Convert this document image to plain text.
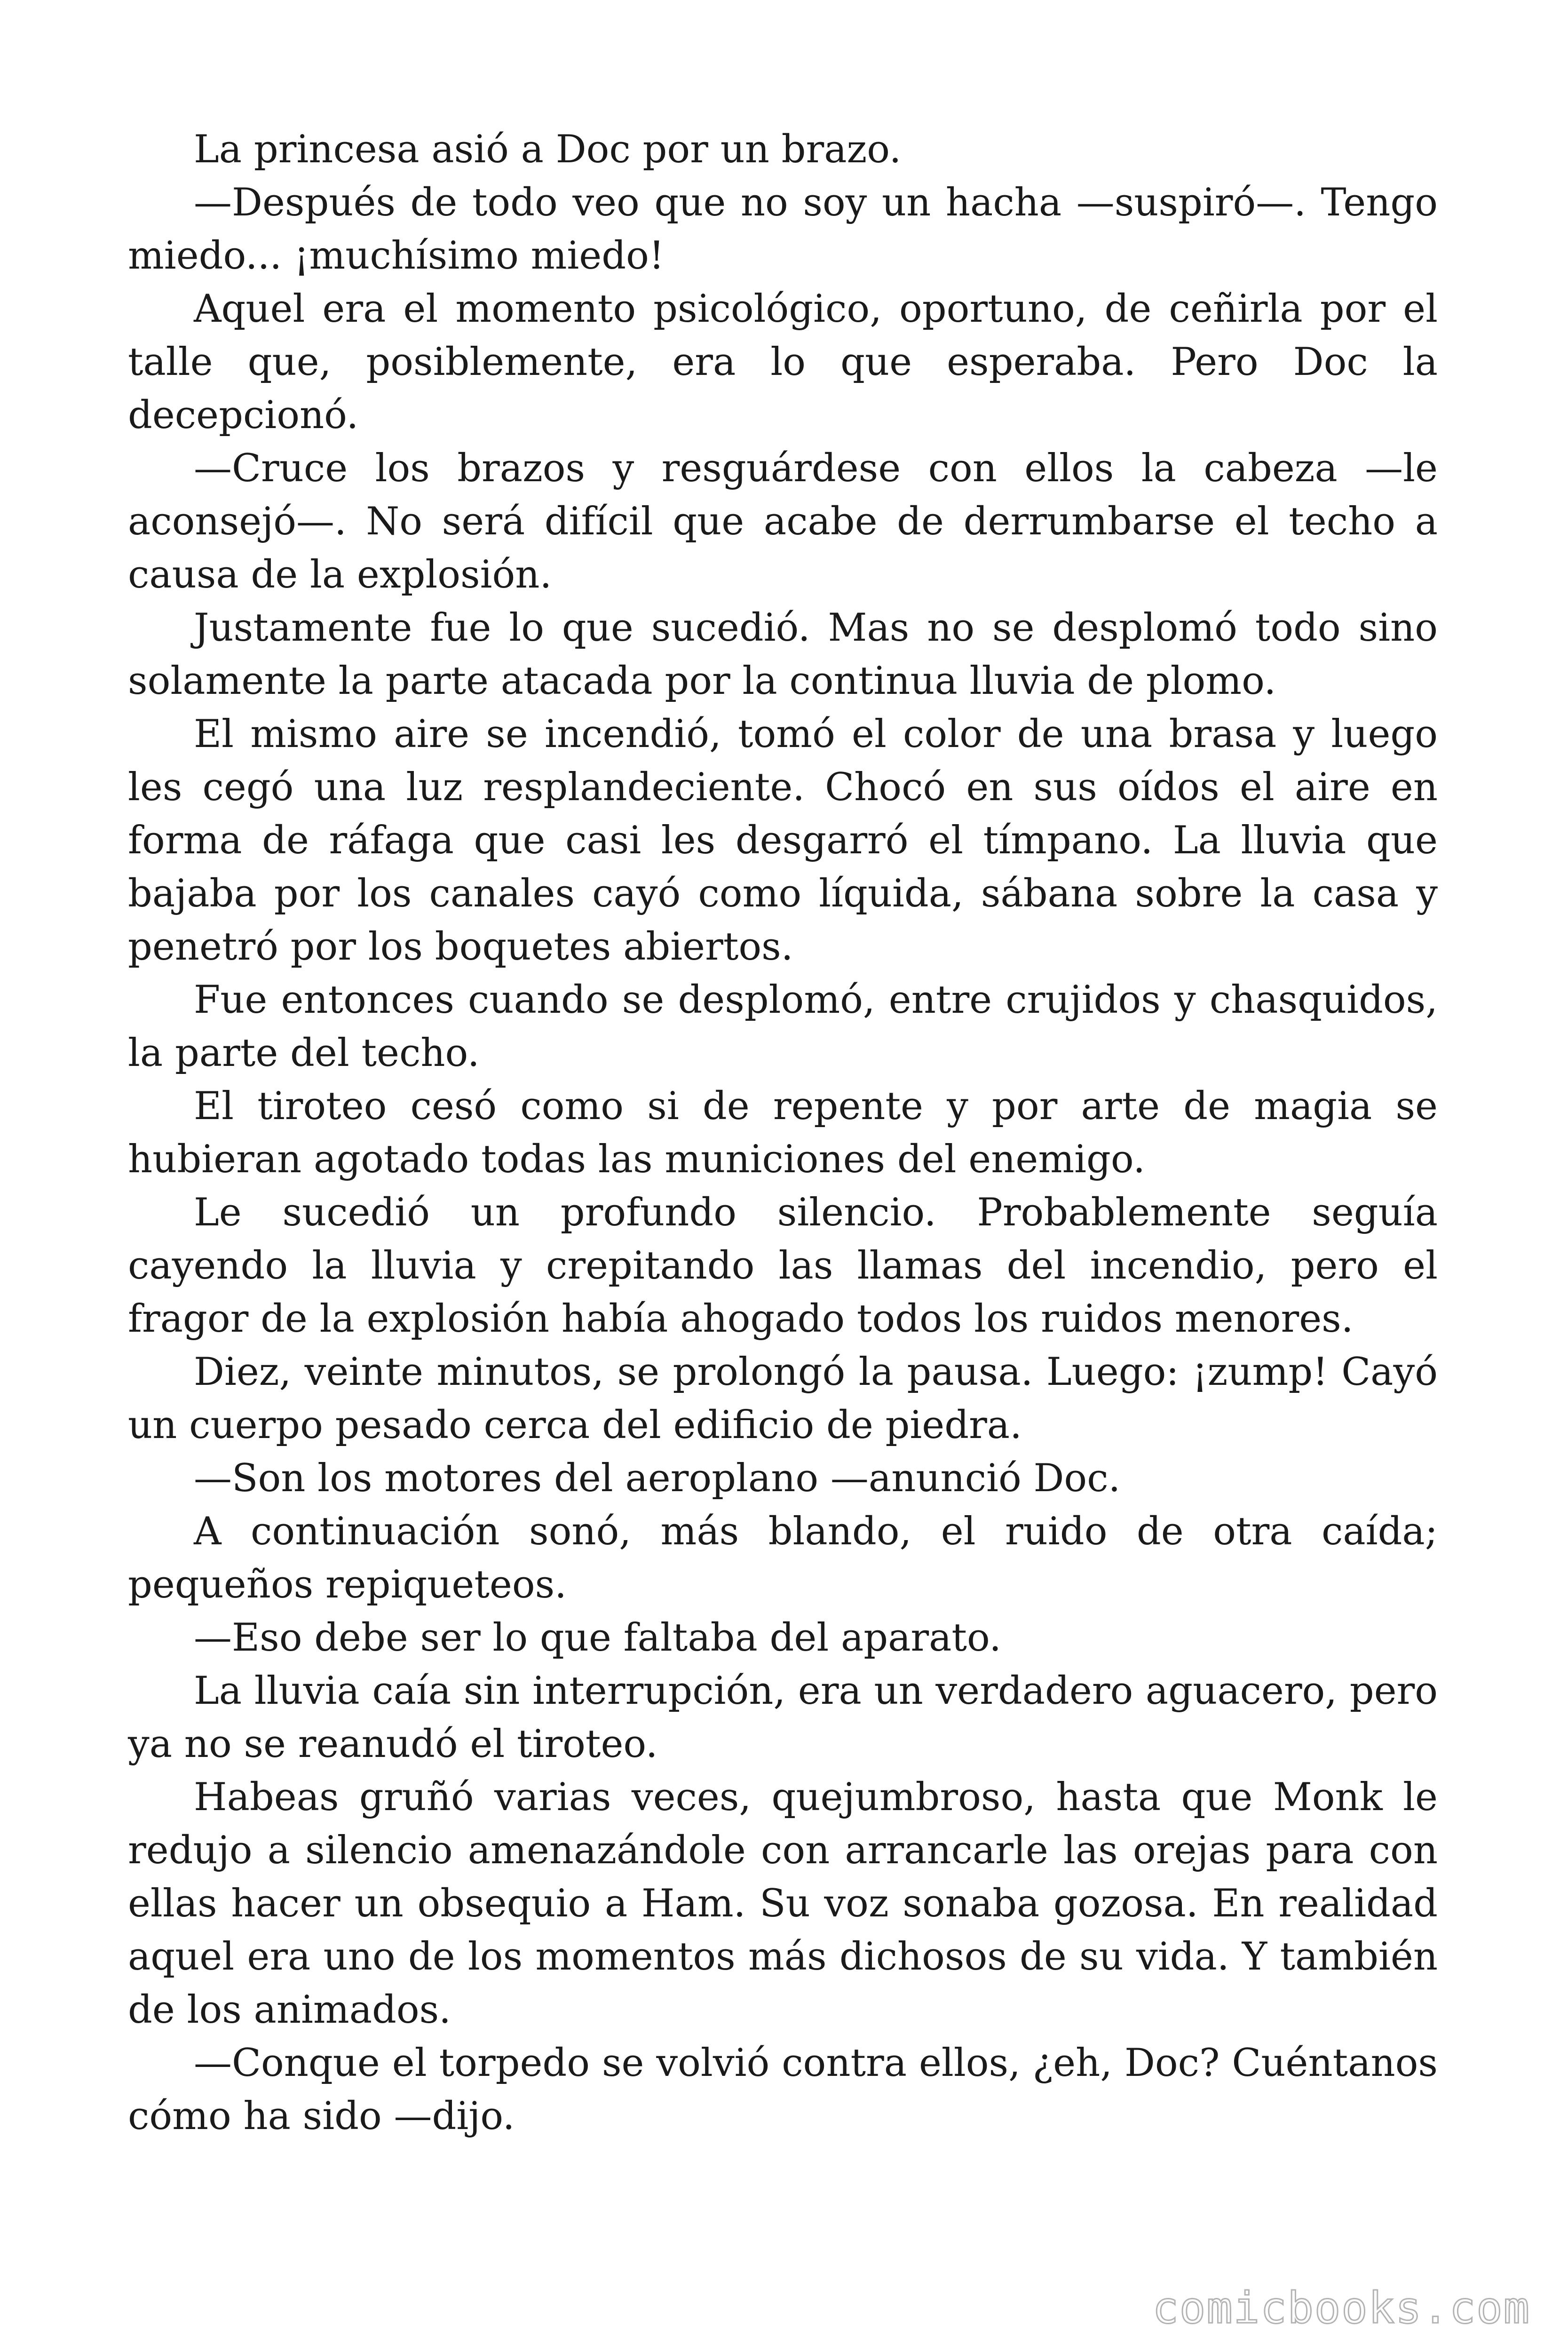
La princesa asió a Doc por un brazo.

—Después de todo veo que no soy un hacha —suspiró—. Tengo miedo... ¡muchísimo miedo!

Aquel era el momento psicológico, oportuno, de ceñirla por el talle que, posiblemente, era lo que esperaba. Pero Doc la decepcionó.

—Cruce los brazos y resguárdese con ellos la cabeza —le aconsejó—. No será difícil que acabe de derrumbarse el techo a causa de la explosión.

Justamente fue lo que sucedió. Mas no se desplomó todo sino solamente la parte atacada por la continua lluvia de plomo.

El mismo aire se incendió, tomó el color de una brasa y luego les cegó una luz resplandeciente. Chocó en sus oídos el aire en forma de ráfaga que casi les desgarró el tímpano. La lluvia que bajaba por los canales cayó como líquida, sábana sobre la casa y penetró por los boquetes abiertos.

Fue entonces cuando se desplomó, entre crujidos y chasquidos, la parte del techo.

El tiroteo cesó como si de repente y por arte de magia se hubieran agotado todas las municiones del enemigo.

Le sucedió un profundo silencio. Probablemente seguía cayendo la lluvia y crepitando las llamas del incendio, pero el fragor de la explosión había ahogado todos los ruidos menores.

Diez, veinte minutos, se prolongó la pausa. Luego: ¡zump! Cayó un cuerpo pesado cerca del edificio de piedra.

—Son los motores del aeroplano —anunció Doc.

A continuación sonó, más blando, el ruido de otra caída; pequeños repiqueteos.

—Eso debe ser lo que faltaba del aparato.

La lluvia caía sin interrupción, era un verdadero aguacero, pero ya no se reanudó el tiroteo.

Habeas gruñó varias veces, quejumbroso, hasta que Monk le redujo a silencio amenazándole con arrancarle las orejas para con ellas hacer un obsequio a Ham. Su voz sonaba gozosa. En realidad aquel era uno de los momentos más dichosos de su vida. Y también de los animados.

—Conque el torpedo se volvió contra ellos, ¿eh, Doc? Cuéntanos cómo ha sido —dijo.

comicbooks.com
